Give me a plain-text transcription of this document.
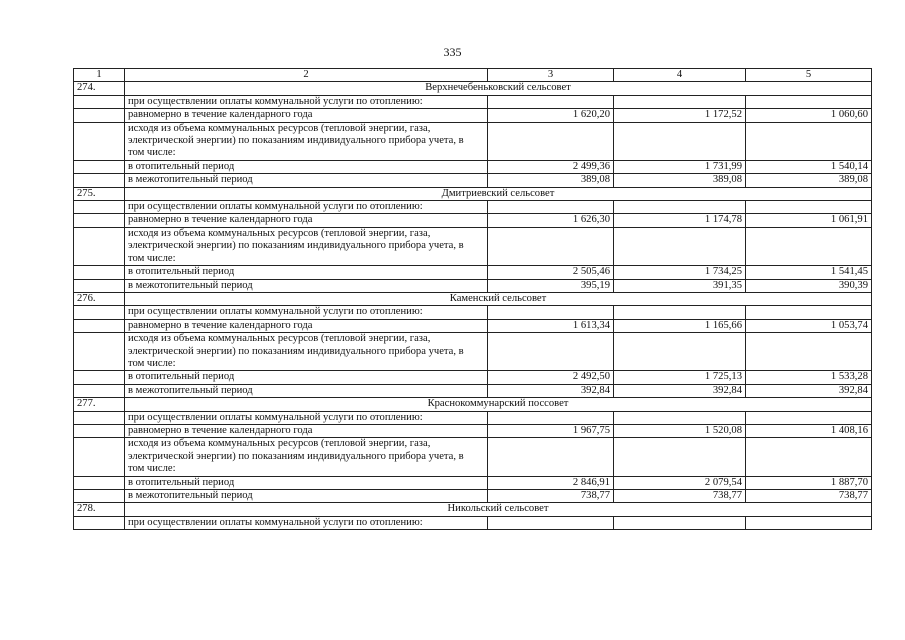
335
1	2	3	4	5
274.	Верхнечебеньковский сельсовет			
	при осуществлении оплаты коммунальной услуги по отоплению:			
	равномерно в течение календарного года	1 620,20	1 172,52	1 060,60
	исходя из объема коммунальных ресурсов (тепловой энергии, газа, электрической энергии) по показаниям индивидуального прибора учета, в том числе:			
	в отопительный период	2 499,36	1 731,99	1 540,14
	в межотопительный период	389,08	389,08	389,08
275.	Дмитриевский сельсовет			
	при осуществлении оплаты коммунальной услуги по отоплению:			
	равномерно в течение календарного года	1 626,30	1 174,78	1 061,91
	исходя из объема коммунальных ресурсов (тепловой энергии, газа, электрической энергии) по показаниям индивидуального прибора учета, в том числе:			
	в отопительный период	2 505,46	1 734,25	1 541,45
	в межотопительный период	395,19	391,35	390,39
276.	Каменский сельсовет			
	при осуществлении оплаты коммунальной услуги по отоплению:			
	равномерно в течение календарного года	1 613,34	1 165,66	1 053,74
	исходя из объема коммунальных ресурсов (тепловой энергии, газа, электрической энергии) по показаниям индивидуального прибора учета, в том числе:			
	в отопительный период	2 492,50	1 725,13	1 533,28
	в межотопительный период	392,84	392,84	392,84
277.	Краснокоммунарский поссовет			
	при осуществлении оплаты коммунальной услуги по отоплению:			
	равномерно в течение календарного года	1 967,75	1 520,08	1 408,16
	исходя из объема коммунальных ресурсов (тепловой энергии, газа, электрической энергии) по показаниям индивидуального прибора учета, в том числе:			
	в отопительный период	2 846,91	2 079,54	1 887,70
	в межотопительный период	738,77	738,77	738,77
278.	Никольский сельсовет			
	при осуществлении оплаты коммунальной услуги по отоплению:			
